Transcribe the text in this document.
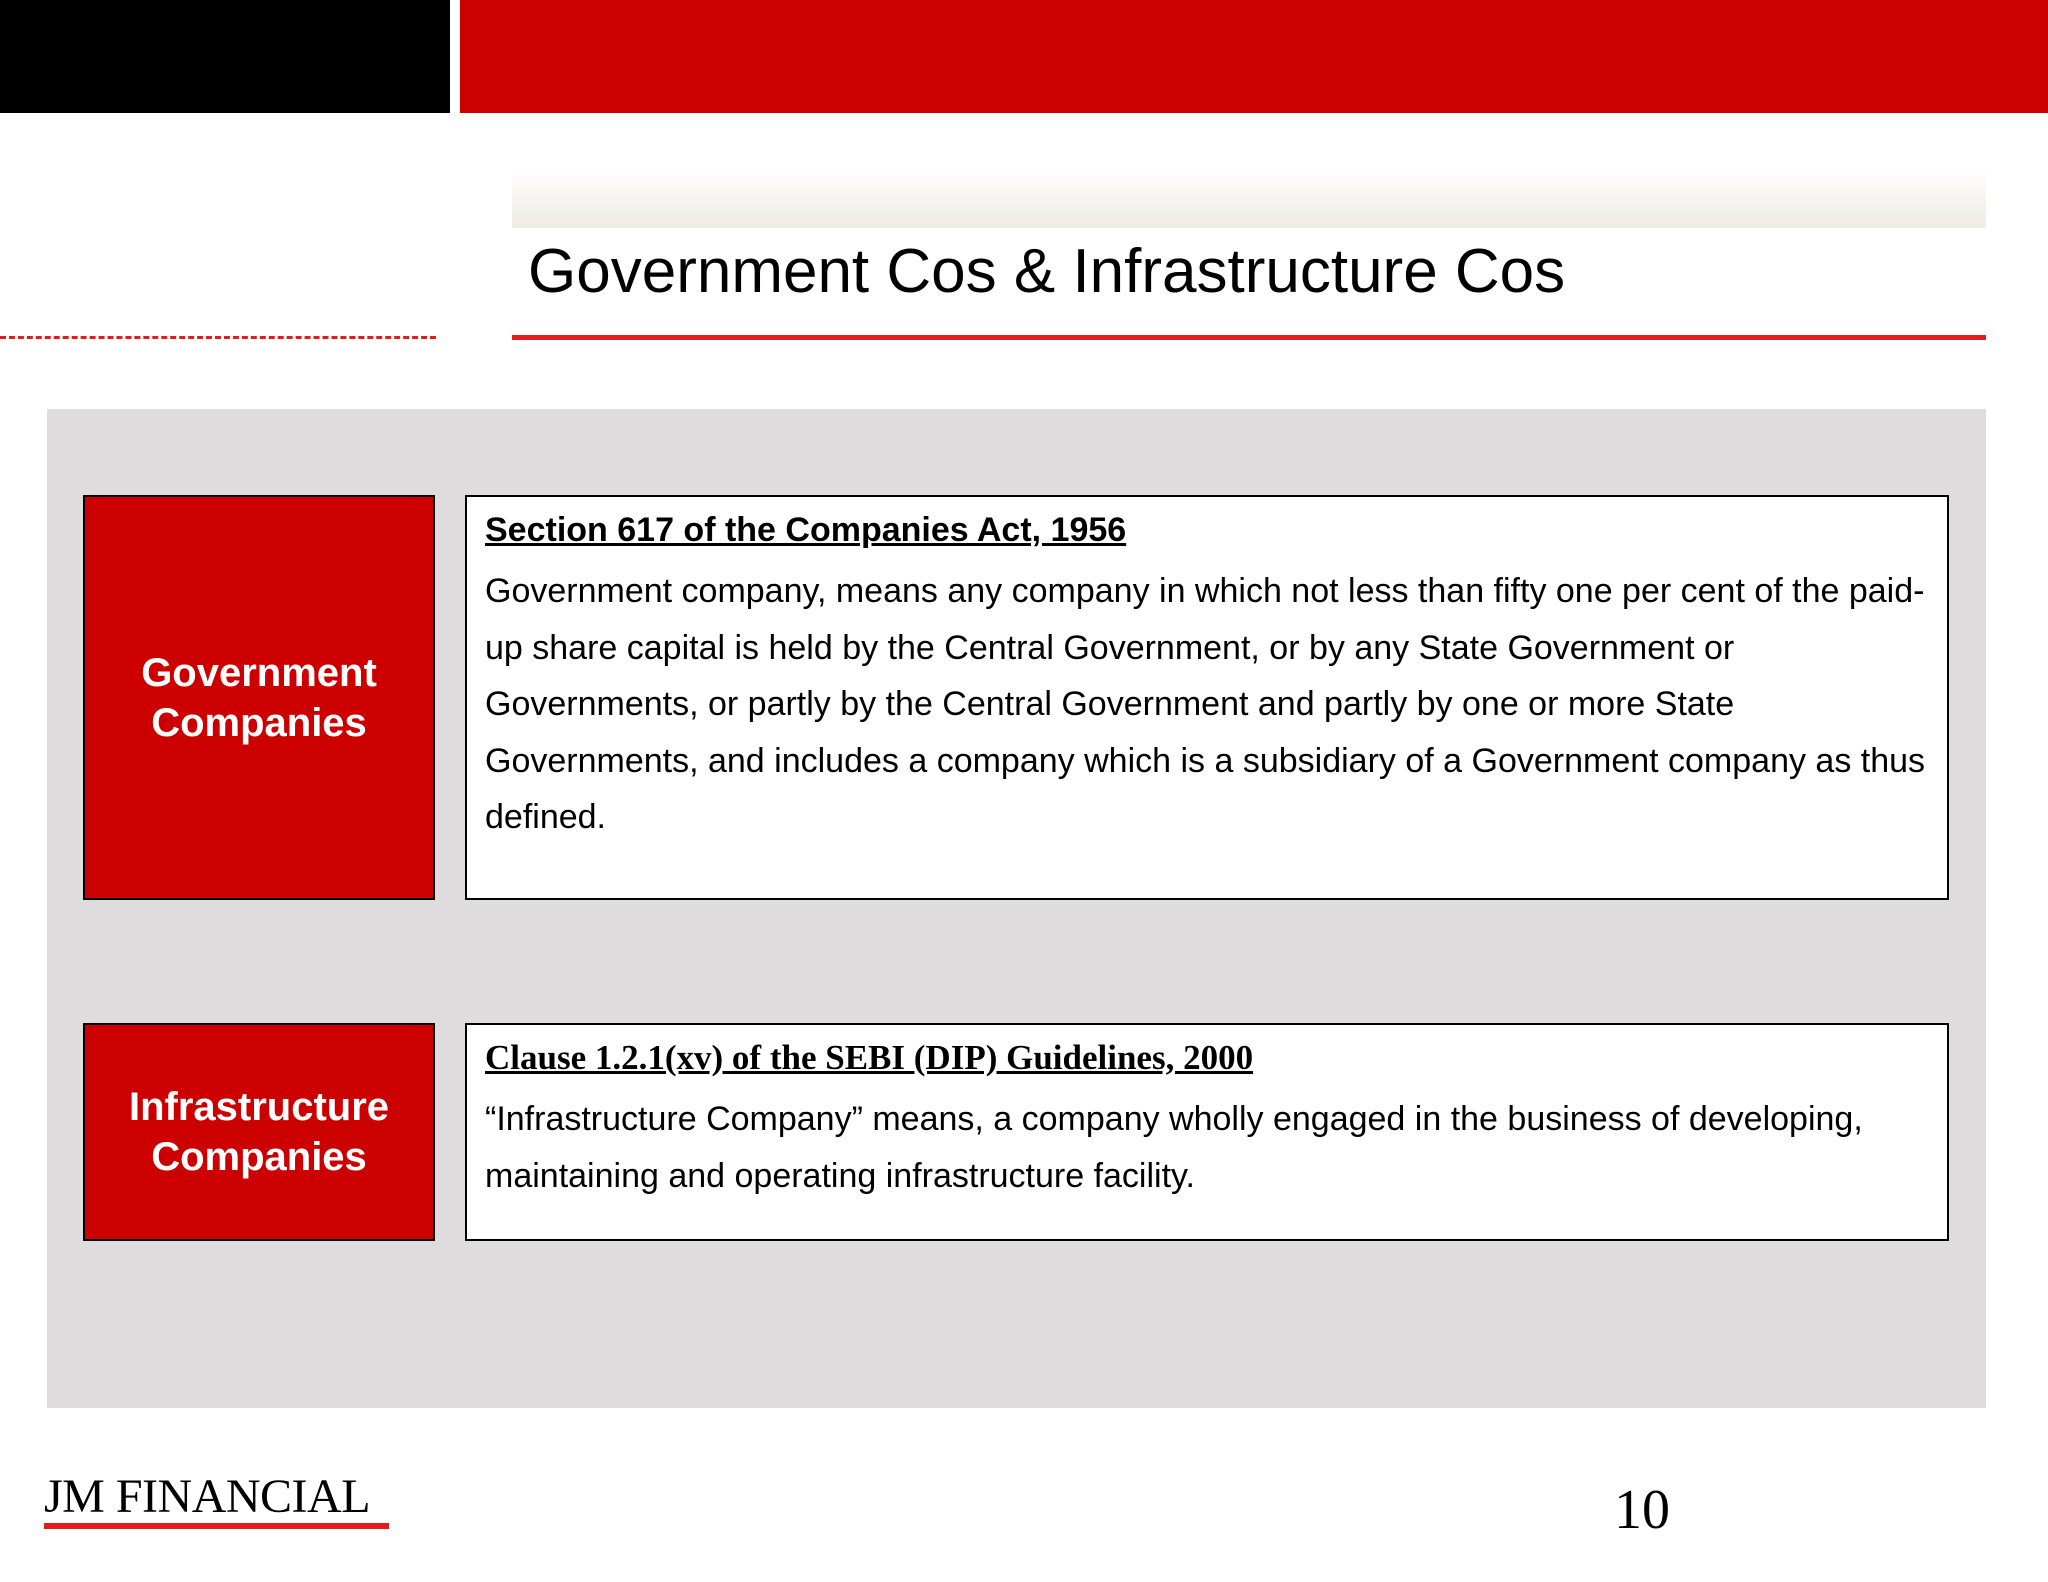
Government Cos & Infrastructure Cos
Government
Companies
Section 617 of the Companies Act, 1956
Government company, means any company in which not less than fifty one per cent of the paid-up share capital is held by the Central Government, or by any State Government or Governments, or partly by the Central Government and partly by one or more State Governments, and includes a company which is a subsidiary of a Government company as thus defined.
Infrastructure
Companies
Clause 1.2.1(xv) of the SEBI (DIP) Guidelines, 2000
“Infrastructure Company” means, a company wholly engaged in the business of developing, maintaining and operating infrastructure facility.
JM FINANCIAL	10
